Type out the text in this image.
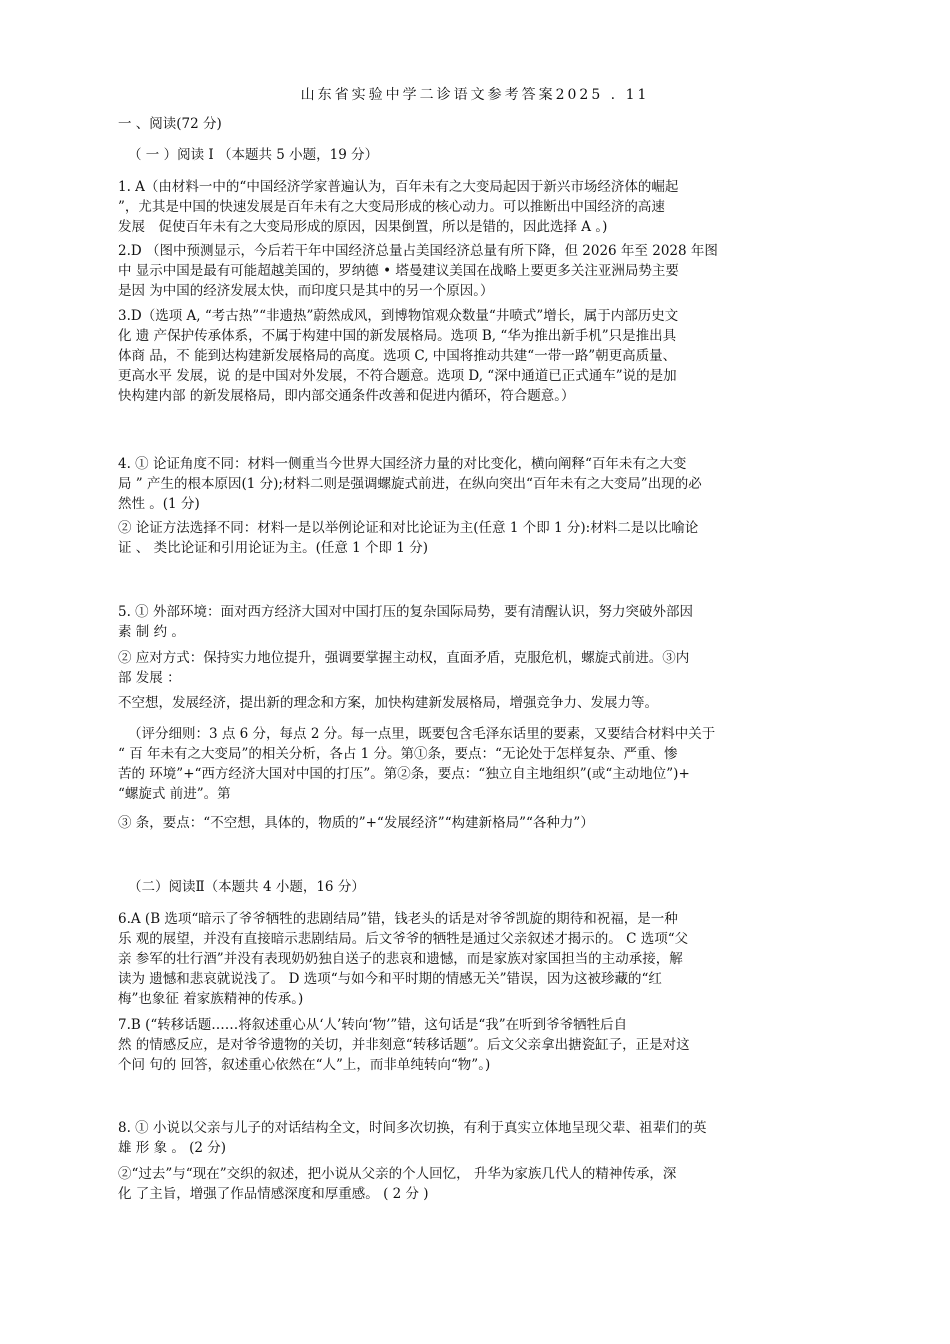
山东省实验中学二诊语文参考答案2025 . 11
一 、阅读(72 分)
（ 一 ）阅读 I （本题共 5 小题，19 分）
1. A（由材料一中的“中国经济学家普遍认为，百年未有之大变局起因于新兴市场经济体的崛起
”，尤其是中国的快速发展是百年未有之大变局形成的核心动力。可以推断出中国经济的高速
发展　促使百年未有之大变局形成的原因，因果倒置，所以是错的，因此选择 A 。)
2.D （图中预测显示，今后若干年中国经济总量占美国经济总量有所下降，但 2026 年至 2028 年图
中 显示中国是最有可能超越美国的，罗纳德 • 塔曼建议美国在战略上要更多关注亚洲局势主要
是因 为中国的经济发展太快，而印度只是其中的另一个原因。）
3.D（选项 A, “考古热”“非遗热”蔚然成风，到博物馆观众数量“井喷式”增长，属于内部历史文
化 遗 产保护传承体系，不属于构建中国的新发展格局。选项 B, “华为推出新手机”只是推出具
体商 品，不 能到达构建新发展格局的高度。选项 C, 中国将推动共建“一带一路”朝更高质量、
更高水平 发展，说 的是中国对外发展，不符合题意。选项 D, “深中通道已正式通车”说的是加
快构建内部 的新发展格局，即内部交通条件改善和促进内循环，符合题意。）
4. ① 论证角度不同：材料一侧重当今世界大国经济力量的对比变化，横向阐释“百年未有之大变
局 ” 产生的根本原因(1 分);材料二则是强调螺旋式前进，在纵向突出“百年未有之大变局”出现的必
然性 。(1 分)
② 论证方法选择不同：材料一是以举例论证和对比论证为主(任意 1 个即 1 分):材料二是以比喻论
证 、 类比论证和引用论证为主。(任意 1 个即 1 分)
5. ① 外部环境：面对西方经济大国对中国打压的复杂国际局势，要有清醒认识，努力突破外部因
素 制 约 。
② 应对方式：保持实力地位提升，强调要掌握主动权，直面矛盾，克服危机，螺旋式前进。③内
部 发展 ：
不空想，发展经济，提出新的理念和方案，加快构建新发展格局，增强竞争力、发展力等。
（评分细则：3 点 6 分，每点 2 分。每一点里，既要包含毛泽东话里的要素，又要结合材料中关于
“ 百 年未有之大变局”的相关分析，各占 1 分。第①条，要点：“无论处于怎样复杂、严重、惨
苦的 环境”+“西方经济大国对中国的打压”。第②条，要点：“独立自主地组织”(或“主动地位”)+
“螺旋式 前进”。第
③ 条，要点：“不空想，具体的，物质的”+“发展经济”“构建新格局”“各种力”）
（二）阅读Ⅱ（本题共 4 小题，16 分）
6.A (B 选项“暗示了爷爷牺牲的悲剧结局”错，钱老头的话是对爷爷凯旋的期待和祝福，是一种
乐 观的展望，并没有直接暗示悲剧结局。后文爷爷的牺牲是通过父亲叙述才揭示的。 C 选项“父
亲 参军的壮行酒”并没有表现奶奶独自送子的悲哀和遗憾，而是家族对家国担当的主动承接，解
读为 遗憾和悲哀就说浅了。 D 选项“与如今和平时期的情感无关”错误，因为这被珍藏的“红
梅”也象征 着家族精神的传承。)
7.B (“转移话题……将叙述重心从‘人’转向‘物’”错，这句话是“我”在听到爷爷牺牲后自
然 的情感反应，是对爷爷遗物的关切，并非刻意“转移话题”。后文父亲拿出搪瓷缸子，正是对这
个问 句的 回答，叙述重心依然在“人”上，而非单纯转向“物”。)
8. ① 小说以父亲与儿子的对话结构全文，时间多次切换，有利于真实立体地呈现父辈、祖辈们的英
雄 形 象 。 (2 分)
②“过去”与“现在”交织的叙述，把小说从父亲的个人回忆， 升华为家族几代人的精神传承，深
化 了主旨，增强了作品情感深度和厚重感。 ( 2 分 )
